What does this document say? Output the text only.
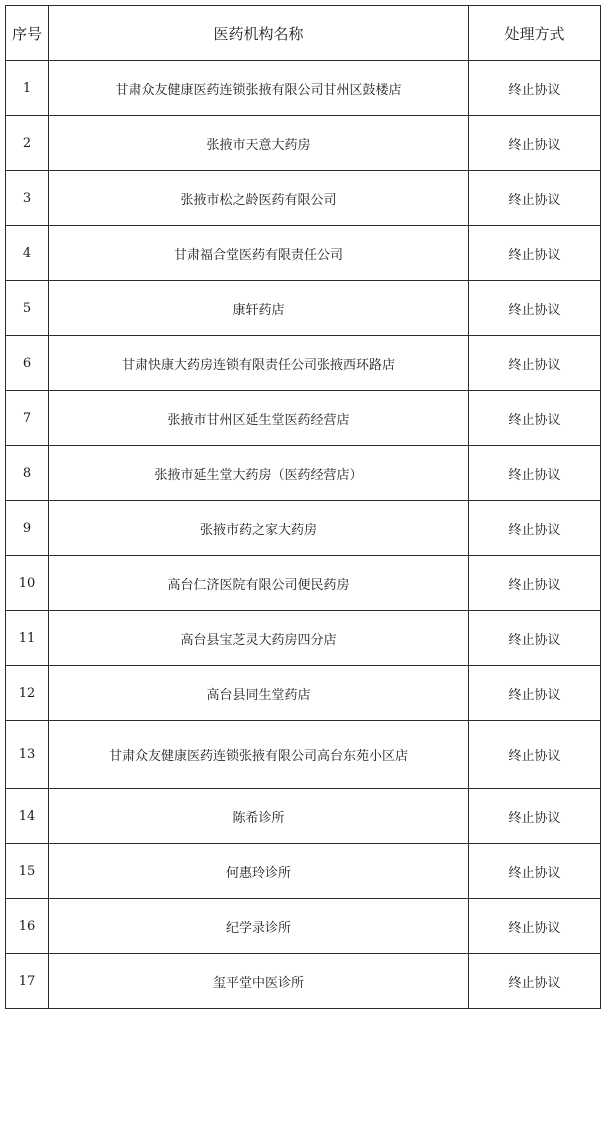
序号	医药机构名称	处理方式
1	甘肃众友健康医药连锁张掖有限公司甘州区鼓楼店	终止协议
2	张掖市天意大药房	终止协议
3	张掖市松之龄医药有限公司	终止协议
4	甘肃福合堂医药有限责任公司	终止协议
5	康轩药店	终止协议
6	甘肃快康大药房连锁有限责任公司张掖西环路店	终止协议
7	张掖市甘州区延生堂医药经营店	终止协议
8	张掖市延生堂大药房（医药经营店）	终止协议
9	张掖市药之家大药房	终止协议
10	高台仁济医院有限公司便民药房	终止协议
11	高台县宝芝灵大药房四分店	终止协议
12	高台县同生堂药店	终止协议
13	甘肃众友健康医药连锁张掖有限公司高台东苑小区店	终止协议
14	陈希诊所	终止协议
15	何惠玲诊所	终止协议
16	纪学录诊所	终止协议
17	玺平堂中医诊所	终止协议
